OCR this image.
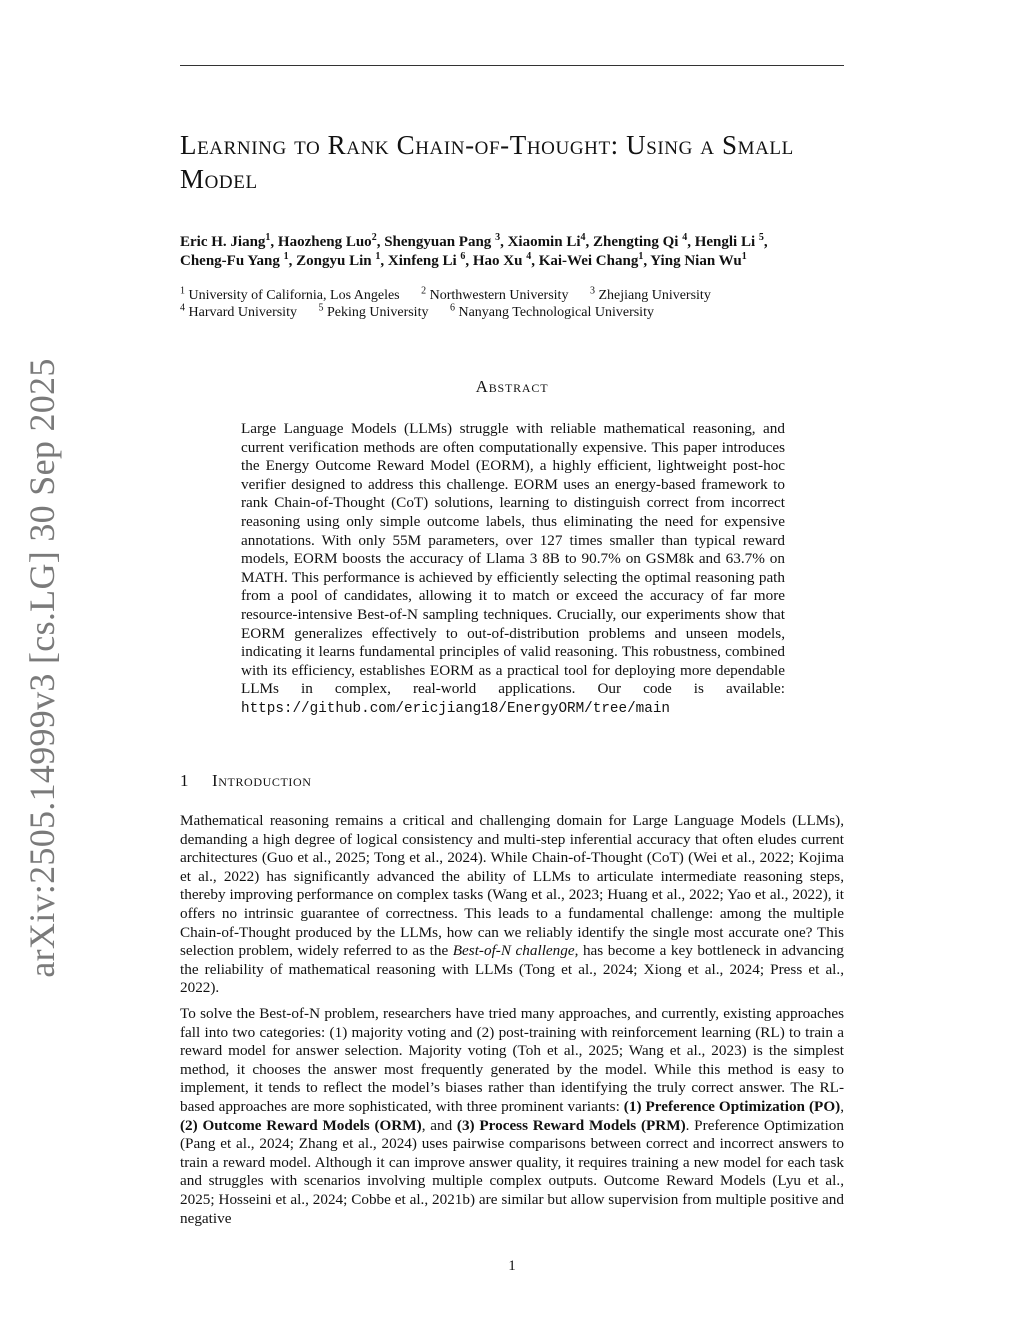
arXiv:2505.14999v3 [cs.LG] 30 Sep 2025
Learning to Rank Chain-of-Thought: Using a Small Model
Eric H. Jiang$^1$, Haozheng Luo$^2$, Shengyuan Pang $^3$, Xiaomin Li$^4$, Zhengting Qi $^4$, Hengli Li $^5$,
Cheng-Fu Yang $^1$, Zongyu Lin $^1$, Xinfeng Li $^6$, Hao Xu $^4$, Kai-Wei Chang$^1$, Ying Nian Wu$^1$
$^1$ University of California, Los Angeles $^2$ Northwestern University $^3$ Zhejiang University
$^4$ Harvard University $^5$ Peking University $^6$ Nanyang Technological University
Abstract
Large Language Models (LLMs) struggle with reliable mathematical reasoning, and current verification methods are often computationally expensive. This paper introduces the Energy Outcome Reward Model (EORM), a highly efficient, lightweight post-hoc verifier designed to address this challenge. EORM uses an energy-based framework to rank Chain-of-Thought (CoT) solutions, learning to distinguish correct from incorrect reasoning using only simple outcome labels, thus eliminating the need for expensive annotations. With only 55M parameters, over 127 times smaller than typical reward models, EORM boosts the accuracy of Llama 3 8B to 90.7% on GSM8k and 63.7% on MATH. This performance is achieved by efficiently selecting the optimal reasoning path from a pool of candidates, allowing it to match or exceed the accuracy of far more resource-intensive Best-of-N sampling techniques. Crucially, our experiments show that EORM generalizes effectively to out-of-distribution problems and unseen models, indicating it learns fundamental principles of valid reasoning. This robustness, combined with its efficiency, establishes EORM as a practical tool for deploying more dependable LLMs in complex, real-world applications. Our code is available: https://github.com/ericjiang18/EnergyORM/tree/main
1 Introduction

Mathematical reasoning remains a critical and challenging domain for Large Language Models (LLMs), demanding a high degree of logical consistency and multi-step inferential accuracy that often eludes current architectures (Guo et al., 2025; Tong et al., 2024). While Chain-of-Thought (CoT) (Wei et al., 2022; Kojima et al., 2022) has significantly advanced the ability of LLMs to articulate intermediate reasoning steps, thereby improving performance on complex tasks (Wang et al., 2023; Huang et al., 2022; Yao et al., 2022), it offers no intrinsic guarantee of correctness. This leads to a fundamental challenge: among the multiple Chain-of-Thought produced by the LLMs, how can we reliably identify the single most accurate one? This selection problem, widely referred to as the Best-of-N challenge, has become a key bottleneck in advancing the reliability of mathematical reasoning with LLMs (Tong et al., 2024; Xiong et al., 2024; Press et al., 2022).

To solve the Best-of-N problem, researchers have tried many approaches, and currently, existing approaches fall into two categories: (1) majority voting and (2) post-training with reinforcement learning (RL) to train a reward model for answer selection. Majority voting (Toh et al., 2025; Wang et al., 2023) is the simplest method, it chooses the answer most frequently generated by the model. While this method is easy to implement, it tends to reflect the model’s biases rather than identifying the truly correct answer. The RL-based approaches are more sophisticated, with three prominent variants: (1) Preference Optimization (PO), (2) Outcome Reward Models (ORM), and (3) Process Reward Models (PRM). Preference Optimization (Pang et al., 2024; Zhang et al., 2024) uses pairwise comparisons between correct and incorrect answers to train a reward model. Although it can improve answer quality, it requires training a new model for each task and struggles with scenarios involving multiple complex outputs. Outcome Reward Models (Lyu et al., 2025; Hosseini et al., 2024; Cobbe et al., 2021b) are similar but allow supervision from multiple positive and negative

1
